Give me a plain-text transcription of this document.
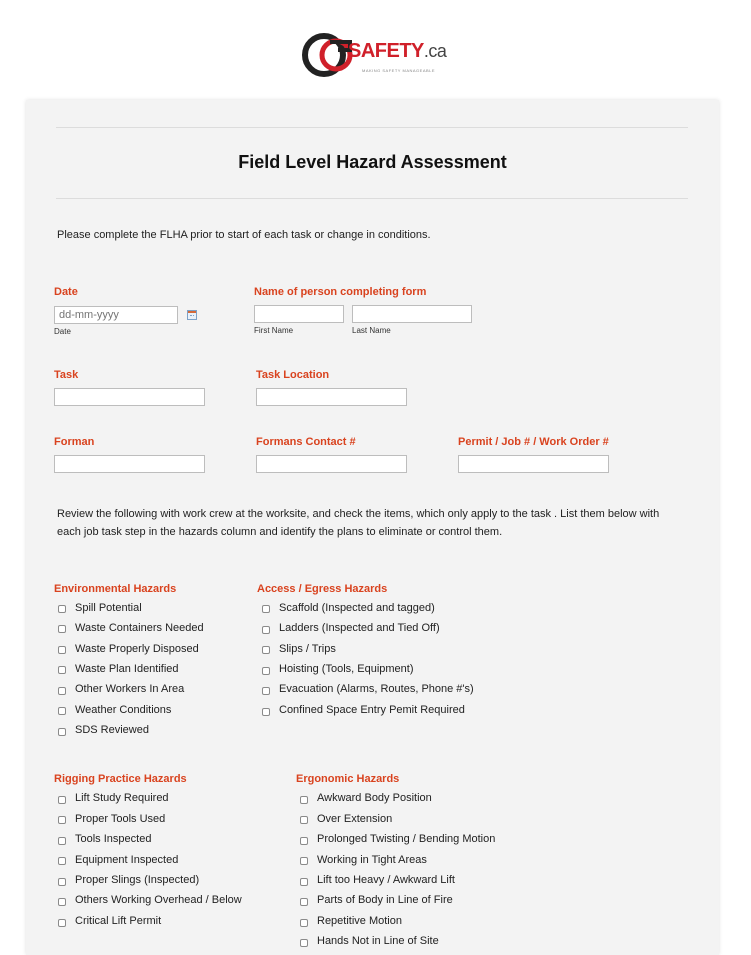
SAFETY.ca
MAKING SAFETY MANAGEABLE
Field Level Hazard Assessment
Please complete the FLHA prior to start of each task or change in conditions.
Date
dd-mm-yyyy
Date
Name of person completing form
First Name	Last Name
Task	Task Location
Forman	Formans Contact #	Permit / Job # / Work Order #
Review the following with work crew at the worksite, and check the items, which only apply to the task . List them below with each job task step in the hazards column and identify the plans to eliminate or control them.
Environmental Hazards
Spill Potential
Waste Containers Needed
Waste Properly Disposed
Waste Plan Identified
Other Workers In Area
Weather Conditions
SDS Reviewed
Access / Egress Hazards
Scaffold (Inspected and tagged)
Ladders (Inspected and Tied Off)
Slips / Trips
Hoisting (Tools, Equipment)
Evacuation (Alarms, Routes, Phone #'s)
Confined Space Entry Pemit Required
Rigging Practice Hazards
Lift Study Required
Proper Tools Used
Tools Inspected
Equipment Inspected
Proper Slings (Inspected)
Others Working Overhead / Below
Critical Lift Permit
Ergonomic Hazards
Awkward Body Position
Over Extension
Prolonged Twisting / Bending Motion
Working in Tight Areas
Lift too Heavy / Awkward Lift
Parts of Body in Line of Fire
Repetitive Motion
Hands Not in Line of Site
